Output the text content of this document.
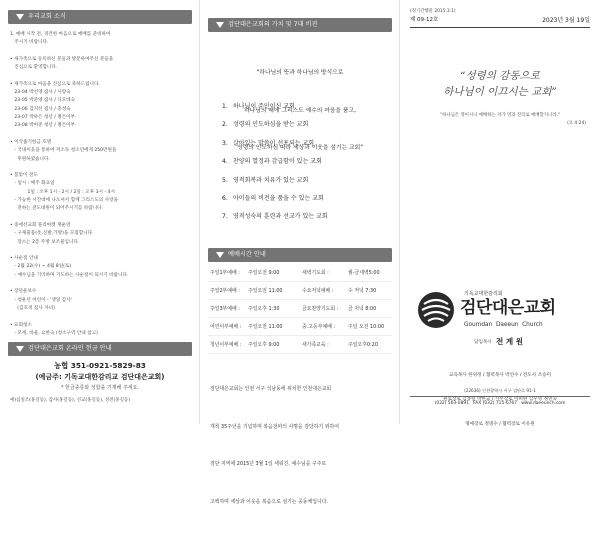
우리교회 소식
1. 예배 시작 전, 경건한 마음으로 예배를 준비하여
주시기 바랍니다.
• 새가족으로 등록하신 분들과 방문하여주신 분들을
진심으로 환영합니다.
• 새가족으로 마음을 진심으로 축하드립니다.
23-04 박선영 집사 / 사랑숙
23-05 박준영 집사 / 디모데숙
23-06 김지선 집사 / 충성숙
23-07 박하은 청년 / 철은이부
23-08 박여준 청년 / 철은이부
• 이삭줍기헌금 호명
- 국내이웃을 통하여 저소득 청소년에게 250만원을
후원하였습니다.
• 봄맞이 전도
- 일시 : 매주 화요일
1일 : 오후 1시 - 2시 / 2일 : 오후 3시 - 4시
- 가능한 시간대에 나오셔서 함께 그리스도의 사랑을
전하는 전도대원이 되어주시기를 바랍니다.
• 중에선교회 플리마켓 재운영
- 구제물품(옷,신발,가방)을 모집합니다.
장소는 2층 주방 보조물입니다.
• 사순절 안내
- 2월 22(수) ~ 4월 8일(토)
- 예수님을 기억하며 기도하는 사순절이 되시기 바랍니다.
• 장단운보수
- 청운선 어린이 - '생일 감사'
(김호정 집사 자녀)
• 교회청소
- 모세, 바울, 요한숙 (청소구역 안내 참고)
검단대은교회 온라인 헌금 안내
농협 351-0921-5829-83
(예금주: 기독교대한감리교 검단대은교회)
* 헌금종류와 성함을 기재해 주세요.
예)십일조(홍길동), 감사(홍길동), 선교(홍길동), 성전(홍길동)
검단대은교회의 가치 및 7대 비전

"하나님의 뜻과 하나님의 방식으로

하나님의 때에 그리스도 예수의 마음을 품고,

성령의 인도하심 따라 세상과 이웃을 섬기는 교회"

1. 하나님이 주인이신 교회
2. 성령의 인도하심을 받는 교회
3. 살아있는 말씀이 선포되는 교회
4. 찬양의 열정과 감급함이 있는 교회
5. 영적회복과 치유가 있는 교회
6. 아이들의 비전을 품을 수 있는 교회
7. 영적성숙의 훈련과 선교가 있는 교회
예배시간 안내
주일1부예배 : 주일오전 9:00	새벽기도회 :	월-금새벽5:00
주일2부예배 : 주일오전 11:00	수요저녁예배 :	수 저녁 7:30
주일3부예배 : 주일오후 1:30	금요찬양기도회 : 금 저녁 8:00
어린이부예배 : 주일오전 11:00	중.고등부예배 :	주일 오전 10:00
청년이부예배 : 주일오후 9:00	새가족교육 :	주일오후0:20

검단대은교회는 인천 서구 석남동에 위치한 인천대은교회

개척 35주년을 기념하며 복음전파의 사명을 감당하기 위하여

검단 지역에 2015년 3월 1일 세워진, 예수님을 구주로

고백하며 세상과 이웃을 복음으로 섬기는 공동체입니다.

(정기간행물 2015.3.1)
제 09-12호	2023년 3월 19일
“성령의 감동으로
하나님이 이끄시는 교회”
"하나님은 영이시니 예배하는 자가 영과 진리로 예배할지니라."
(요 4:24)
기독교대한감리회
검단대은교회
Goumdan  Daeeun  Church
담임목사 전 계 원

교육목사 한위정 / 협력목사 박연수 / 전도사 조승미

원로장로 김종렬 박한교 / 시무장로 이희원 김우영 정연숙

명예장로 정명수 / 협력장로 이유원

(22636) 인천광역시 서구 검단로 91-1
(032) 563-0891   FAX (032) 715-6767   www.daeeunch.com
